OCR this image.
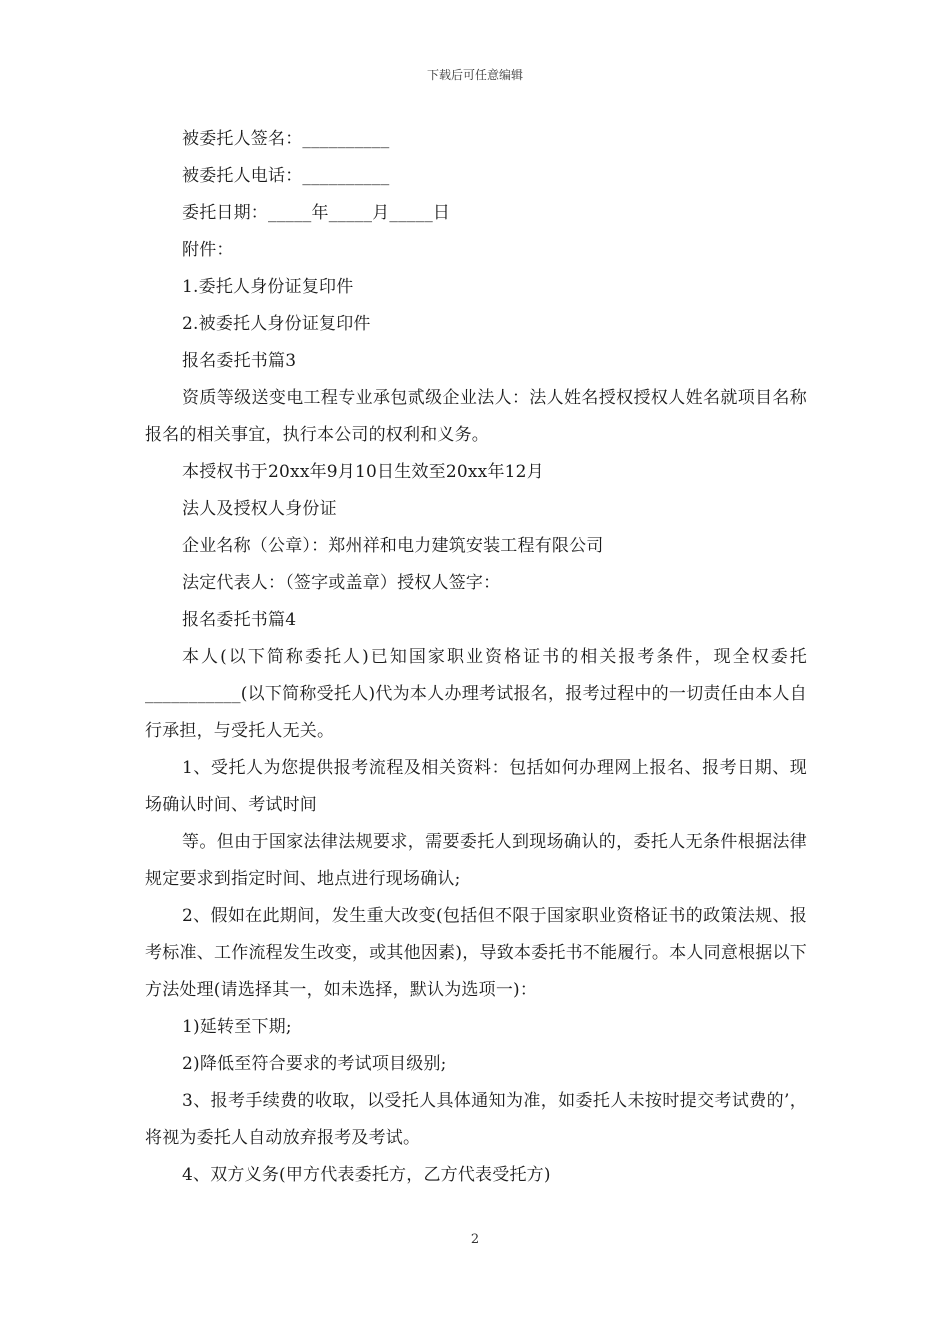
下载后可任意编辑

被委托人签名：__________

被委托人电话：__________

委托日期：_____年_____月_____日

附件：

1.委托人身份证复印件

2.被委托人身份证复印件

报名委托书篇3

资质等级送变电工程专业承包贰级企业法人：法人姓名授权授权人姓名就项目名称报名的相关事宜，执行本公司的权利和义务。

本授权书于20xx年9月10日生效至20xx年12月

法人及授权人身份证

企业名称（公章）：郑州祥和电力建筑安装工程有限公司

法定代表人：（签字或盖章）授权人签字：

报名委托书篇4

本人(以下简称委托人)已知国家职业资格证书的相关报考条件，现全权委托___________(以下简称受托人)代为本人办理考试报名，报考过程中的一切责任由本人自行承担，与受托人无关。

1、受托人为您提供报考流程及相关资料：包括如何办理网上报名、报考日期、现场确认时间、考试时间

等。但由于国家法律法规要求，需要委托人到现场确认的，委托人无条件根据法律规定要求到指定时间、地点进行现场确认;

2、假如在此期间，发生重大改变(包括但不限于国家职业资格证书的政策法规、报考标准、工作流程发生改变，或其他因素)，导致本委托书不能履行。本人同意根据以下方法处理(请选择其一，如未选择，默认为选项一)：

1)延转至下期;

2)降低至符合要求的考试项目级别;

3、报考手续费的收取，以受托人具体通知为准，如委托人未按时提交考试费的’，将视为委托人自动放弃报考及考试。

4、双方义务(甲方代表委托方，乙方代表受托方)

2
